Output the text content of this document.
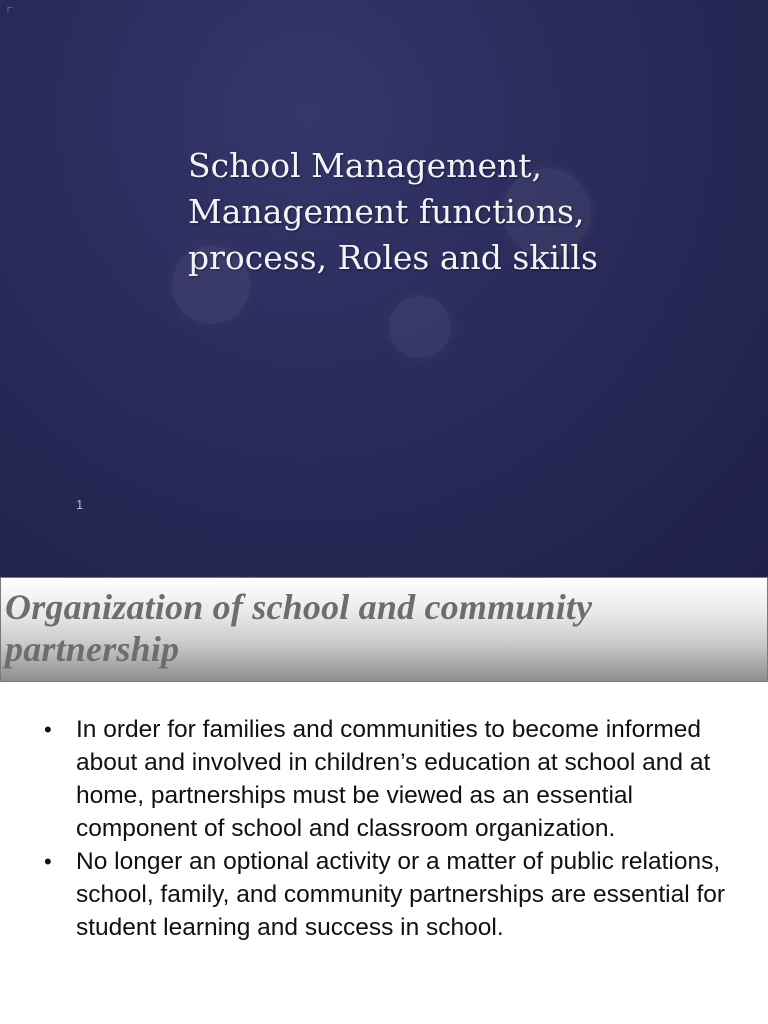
⌜
School Management,
Management functions,
process, Roles and skills
1
Organization of school and community partnership
• In order for families and communities to become informed about and involved in children’s education at school and at home, partnerships must be viewed as an essential component of school and classroom organization.
• No longer an optional activity or a matter of public relations, school, family, and community partnerships are essential for student learning and success in school.
